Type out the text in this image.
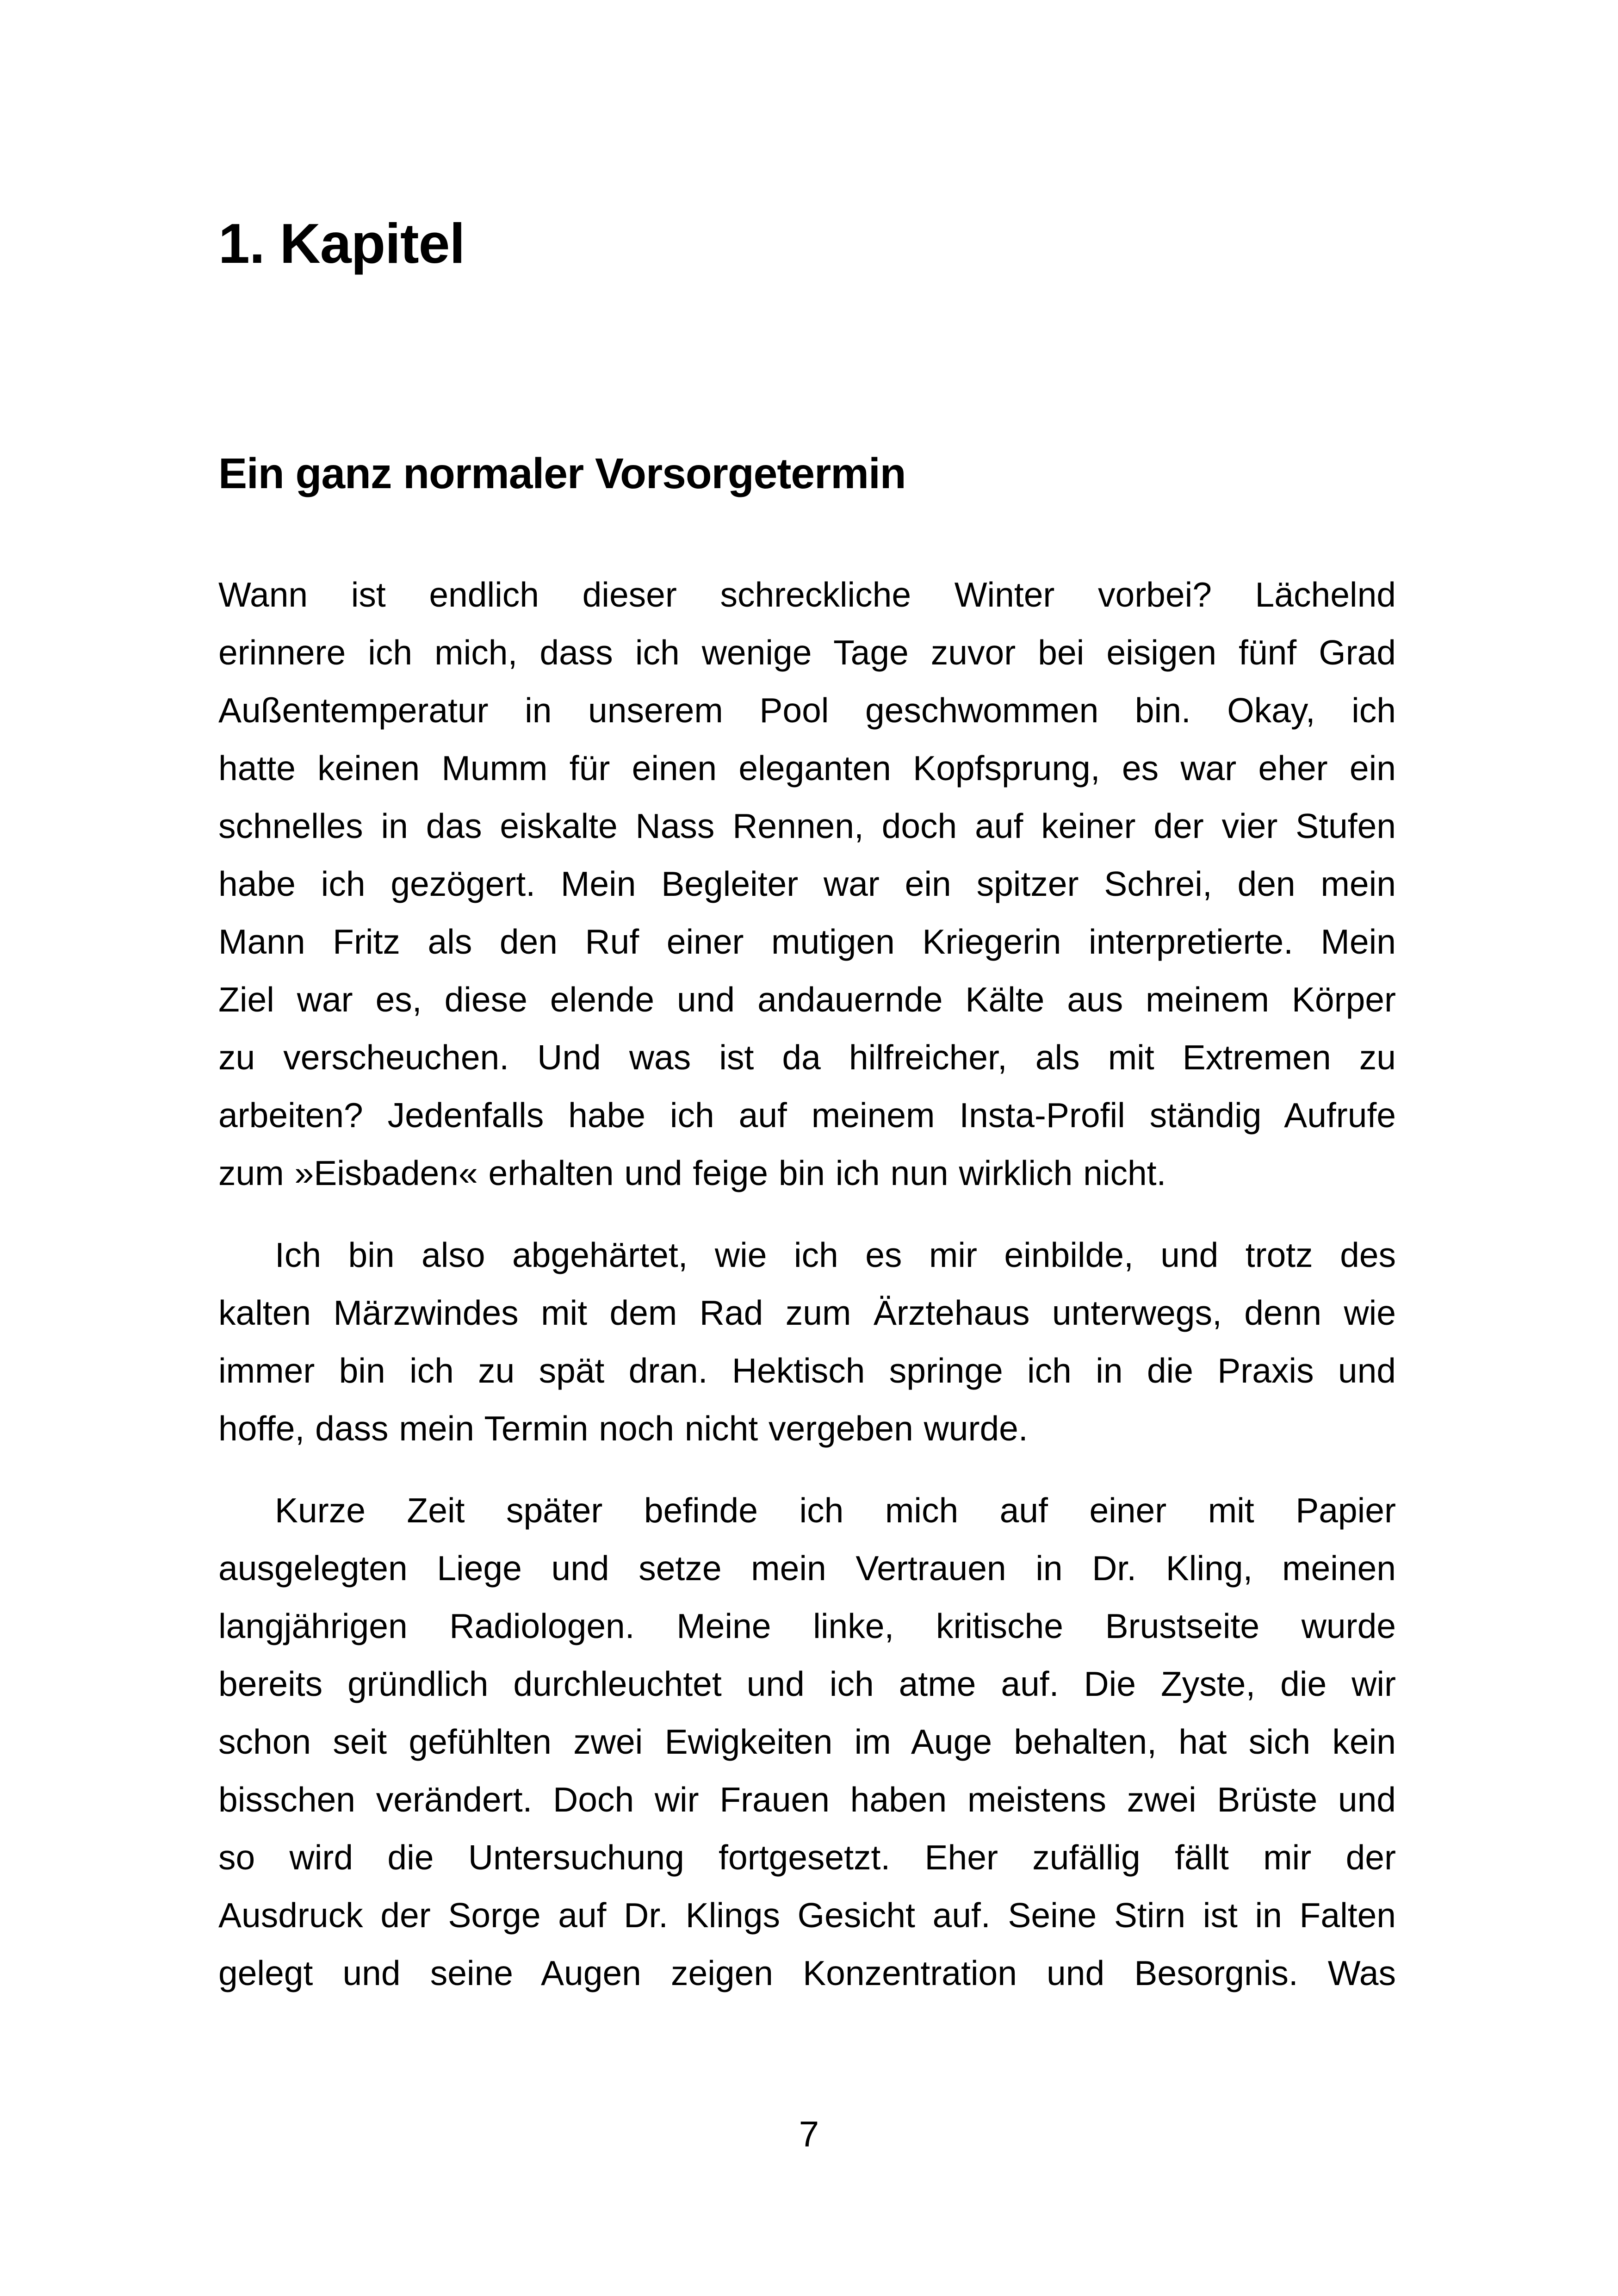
1. Kapitel
Ein ganz normaler Vorsorgetermin
Wann ist endlich dieser schreckliche Winter vorbei? Lächelnd
erinnere ich mich, dass ich wenige Tage zuvor bei eisigen fünf Grad
Außentemperatur in unserem Pool geschwommen bin. Okay, ich
hatte keinen Mumm für einen eleganten Kopfsprung, es war eher ein
schnelles in das eiskalte Nass Rennen, doch auf keiner der vier Stufen
habe ich gezögert. Mein Begleiter war ein spitzer Schrei, den mein
Mann Fritz als den Ruf einer mutigen Kriegerin interpretierte. Mein
Ziel war es, diese elende und andauernde Kälte aus meinem Körper
zu verscheuchen. Und was ist da hilfreicher, als mit Extremen zu
arbeiten? Jedenfalls habe ich auf meinem Insta-Profil ständig Aufrufe
zum »Eisbaden« erhalten und feige bin ich nun wirklich nicht.
Ich bin also abgehärtet, wie ich es mir einbilde, und trotz des
kalten Märzwindes mit dem Rad zum Ärztehaus unterwegs, denn wie
immer bin ich zu spät dran. Hektisch springe ich in die Praxis und
hoffe, dass mein Termin noch nicht vergeben wurde.
Kurze Zeit später befinde ich mich auf einer mit Papier
ausgelegten Liege und setze mein Vertrauen in Dr. Kling, meinen
langjährigen Radiologen. Meine linke, kritische Brustseite wurde
bereits gründlich durchleuchtet und ich atme auf. Die Zyste, die wir
schon seit gefühlten zwei Ewigkeiten im Auge behalten, hat sich kein
bisschen verändert. Doch wir Frauen haben meistens zwei Brüste und
so wird die Untersuchung fortgesetzt. Eher zufällig fällt mir der
Ausdruck der Sorge auf Dr. Klings Gesicht auf. Seine Stirn ist in Falten
gelegt und seine Augen zeigen Konzentration und Besorgnis. Was
7
